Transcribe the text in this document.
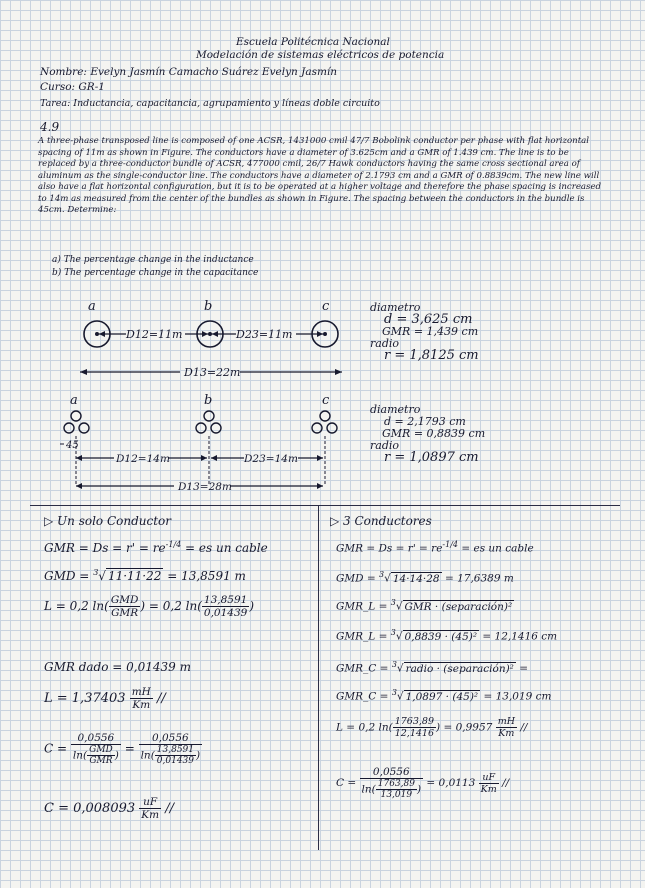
Escuela Politécnica Nacional
Modelación de sistemas eléctricos de potencia
Nombre: Evelyn Jasmín Camacho Suárez Evelyn Jasmín
Curso: GR-1
Tarea: Inductancia, capacitancia, agrupamiento y líneas doble circuito
4.9
A three-phase transposed line is composed of one ACSR, 1431000 cmil 47/7 Bobolink conductor per phase with flat horizontal spacing of 11m as shown in Figure. The conductors have a diameter of 3.625cm and a GMR of 1.439 cm. The line is to be replaced by a three-conductor bundle of ACSR, 477000 cmil, 26/7 Hawk conductors having the same cross sectional area of aluminum as the single-conductor line. The conductors have a diameter of 2.1793 cm and a GMR of 0.8839cm. The new line will also have a flat horizontal configuration, but it is to be operated at a higher voltage and therefore the phase spacing is increased to 14m as measured from the center of the bundles as shown in Figure. The spacing between the conductors in the bundle is 45cm. Determine:
a) The percentage change in the inductance
b) The percentage change in the capacitance
a	b	c
D12=11m	D23=11m
D13=22m
diametro
d = 3,625 cm
GMR = 1,439 cm
radio
r = 1,8125 cm
a	b	c
45
D12=14m	D23=14m
D13=28m
diametro
d = 2,1793 cm
GMR = 0,8839 cm
radio
r = 1,0897 cm
▷ Un solo Conductor
GMR = $Ds = r' = re^{-1/4}$ = es un cable
GMD = $^3$√ 11·11·22 = 13,8591 m
L = 0,2 $\ln( \frac{\text{GMD}}{\text{GMR}}$ ) = 0,2 $\ln( \frac{13,8591}{0,01439}$ )
GMR dado = 0,01439 m
$L = 1,37403 \frac{mH}{Km}$ //
$C = \frac{0,0556}{\ln( \frac{\text{GMD}}{\text{GMR}} )} = \frac{0,0556}{\ln( \frac{13,8591}{0,01439} )}$
$C = 0,008093 \frac{uF}{Km}$ //
▷ 3 Conductores
GMR = $Ds = r' = re^{-1/4}$ = es un cable
GMD = $^3$√ 14·14·28 = 17,6389 m
GMR_L = $^3$√ GMR · (separación)²
GMR_L = $^3$√ 0,8839 · (45)² = 12,1416 cm
GMR_C = $^3$√ radio · (separación)² =
GMR_C = $^3$√ 1,0897 · (45)² = 13,019 cm
L = 0,2 $\ln( \frac{1763,89}{12,1416}$ ) = $0,9957 \frac{mH}{Km}$ //
$C = \frac{0,0556}{\ln( \frac{1763,89}{13,019} )} = 0,0113 \frac{uF}{Km}$ //
